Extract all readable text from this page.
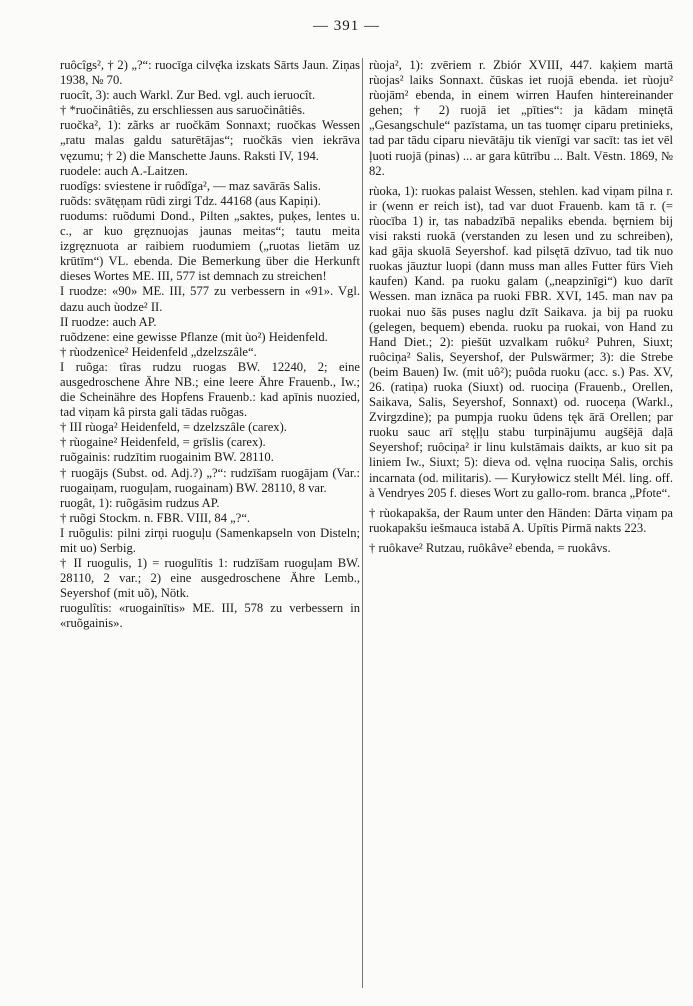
— 391 —

ruôcîgs², † 2) „?“: ruocīga cilvę̄ka izskats Sārts Jaun. Ziņas 1938, № 70.

ruocît, 3): auch Warkl. Zur Bed. vgl. auch ieruocît.

† *ruočinâtiês, zu erschliessen aus saruočinâtiês.

ruočka², 1): zãrks ar ruočkām Sonnaxt; ruočkas Wessen „ratu malas galdu saturētājas“; ruočkās vien iekrāva vęzumu; † 2) die Manschette Jauns. Raksti IV, 194.

ruodele: auch A.-Laitzen.

ruodîgs: sviestene ir ruôdîga², — maz savārās Salis.

ruõds: svātęņam rūdi zirgi Tdz. 44168 (aus Kapiņi).

ruodums: ruõdumi Dond., Pilten „saktes, puķes, lentes u. c., ar kuo gręznuojas jaunas meitas“; tautu meita izgręznuota ar raibiem ruodumiem („ruotas lietām uz krūtīm“) VL. ebenda. Die Bemerkung über die Herkunft dieses Wortes ME. III, 577 ist demnach zu streichen!

I ruodze: «90» ME. III, 577 zu verbessern in «91». Vgl. dazu auch ùodze² II.

II ruodze: auch AP.

ruõdzene: eine gewisse Pflanze (mit ùo²) Heidenfeld.

† rùodzenìce² Heidenfeld „dzelzszâle“.

I ruõga: tîras rudzu ruogas BW. 12240, 2; eine ausgedroschene Ähre NB.; eine leere Ähre Frauenb., Iw.; die Scheinähre des Hopfens Frauenb.: kad apīnis nuozied, tad viņam kâ pirsta gali tādas ruõgas.

† III rùoga² Heidenfeld, = dzelzszâle (carex).

† rùogaine² Heidenfeld, = grīslis (carex).

ruõgainis: rudzītim ruogainim BW. 28110.

† ruogājs (Subst. od. Adj.?) „?“: rudzīšam ruogājam (Var.: ruogaiņam, ruoguļam, ruogainam) BW. 28110, 8 var.

ruogât, 1): ruõgāsim rudzus AP.

† ruõgi Stockm. n. FBR. VIII, 84 „?“.

I ruõgulis: pilni zirņi ruoguļu (Samenkapseln von Disteln; mit uo) Serbig.

† II ruogulis, 1) = ruogulītis 1: rudzīšam ruoguļam BW. 28110, 2 var.; 2) eine ausgedroschene Ähre Lemb., Seyershof (mit uõ), Nötk.

ruogulîtis: «ruogainītis» ME. III, 578 zu verbessern in «ruõgainis».

rùoja², 1): zvēriem r. Zbiór XVIII, 447. kaķiem martā rùojas² laiks Sonnaxt. čūskas iet ruojā ebenda. iet rùoju² rùojām² ebenda, in einem wirren Haufen hintereinander gehen; † 2) ruojā iet „pīties“: ja kādam minętā „Gesangschule“ pazīstama, un tas tuomęr ciparu pretinieks, tad par tādu ciparu nievātāju tik vienīgi var sacīt: tas iet vēl ļuoti ruojā (pinas) ... ar gara kūtrību ... Balt. Vēstn. 1869, № 82.

rùoka, 1): ruokas palaist Wessen, stehlen. kad viņam pilna r. ir (wenn er reich ist), tad var duot Frauenb. kam tā r. (= rùocība 1) ir, tas nabadzībā nepaliks ebenda. bęrniem bij visi raksti ruokā (verstanden zu lesen und zu schreiben), kad gāja skuolā Seyershof. kad pilsętā dzīvuo, tad tik nuo ruokas jāuztur luopi (dann muss man alles Futter fürs Vieh kaufen) Kand. pa ruoku galam („neapzinīgi“) kuo darīt Wessen. man iznāca pa ruoki FBR. XVI, 145. man nav pa ruokai nuo šās puses naglu dzīt Saikava. ja bij pa ruoku (gelegen, bequem) ebenda. ruoku pa ruokai, von Hand zu Hand Diet.; 2): piešūt uzvalkam ruôku² Puhren, Siuxt; ruôciņa² Salis, Seyershof, der Pulswärmer; 3): die Strebe (beim Bauen) Iw. (mit uô²); puôda ruoku (acc. s.) Pas. XV, 26. (ratiņa) ruoka (Siuxt) od. ruociņa (Frauenb., Orellen, Saikava, Salis, Seyershof, Sonnaxt) od. ruoceņa (Warkl., Zvirgzdine); pa pumpja ruoku ūdens tęk ārā Orellen; par ruoku sauc arī stęļļu stabu turpinājumu augšējā daļā Seyershof; ruôciņa² ir linu kulstāmais daikts, ar kuo sit pa liniem Iw., Siuxt; 5): dieva od. vęlna ruociņa Salis, orchis incarnata (od. militaris). — Kuryłowicz stellt Mél. ling. off. à Vendryes 205 f. dieses Wort zu gallo-rom. branca „Pfote“.

† rùokapakša, der Raum unter den Händen: Dārta viņam pa ruokapakšu iešmauca istabā A. Upītis Pirmā nakts 223.

† ruôkave² Rutzau, ruôkâve² ebenda, = ruokâvs.
